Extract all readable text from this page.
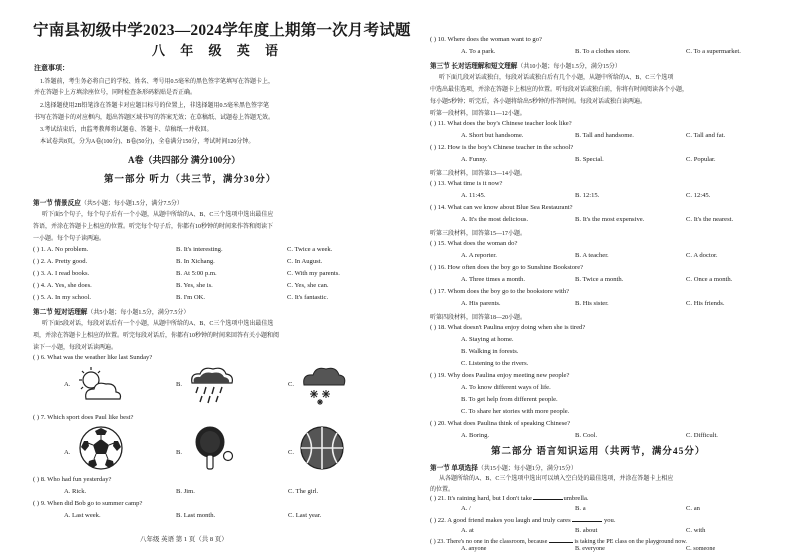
宁南县初级中学2023—2024学年度上期第一次月考试题
八 年 级 英 语
注意事项：
1.答题前，考生务必将自己的学校、姓名、考号用0.5毫米的黑色签字笔填写在答题卡上，
并在答题卡上方填涂座位号，同时检查条形码粘贴是否正确。
2.选择题使用2B铅笔涂在答题卡对应题目标号的位置上，非选择题用0.5毫米黑色签字笔
书写在答题卡的对应框内，超出答题区域书写的答案无效；在草稿纸、试题卷上答题无效。
3.考试结束后，由监考教师将试题卷、答题卡、草稿纸一并收回。
本试卷共8页，分为A卷(100分)、B卷(50分)，全卷满分150分，考试时间120分钟。
A卷（共四部分 满分100分）
第一部分 听力（共三节，满分30分）
第一节 情景反应（共5小题；每小题1.5分，满分7.5分）
听下面5个句子，每个句子后有一个小题，从题中所给的A、B、C三个选项中选出最佳应
答语，并涂在答题卡上相应的位置。听完每个句子后，你都有10秒钟的时间来作答和阅读下
一小题。每个句子读两遍。
( ) 1. A. No problem.	B. It's interesting.	C. Twice a week.
( ) 2. A. Pretty good.	B. In Xichang.	C. In August.
( ) 3. A. I read books.	B. At 5:00 p.m.	C. With my parents.
( ) 4. A. Yes, she does.	B. Yes, she is.	C. Yes, she can.
( ) 5. A. In my school.	B. I'm OK.	C. It's fantastic.
第二节 短对话理解（共5小题；每小题1.5分，满分7.5分）
听下面5段对话，每段对话后有一个小题，从题中所给的A、B、C三个选项中选出最佳选
项，并涂在答题卡上相应的位置。听完每段对话后，你都有10秒钟的时间来回答有关小题和阅
读下一小题，每段对话读两遍。
( ) 6. What was the weather like last Sunday?
A.	B.	C.
( ) 7. Which sport does Paul like best?
A.	B.	C.
( ) 8. Who had fun yesterday?
A. Rick.	B. Jim.	C. The girl.
( ) 9. When did Bob go to summer camp?
A. Last week.	B. Last month.	C. Last year.
八年级 英语 第 1 页（共 8 页）
( ) 10. Where does the woman want to go?
A. To a park.	B. To a clothes store.	C. To a supermarket.
第三节 长对话理解和短文理解（共10小题；每小题1.5分，满分15分）
听下面几段对话或独白，每段对话或独白后有几个小题，从题中所给的A、B、C三个选项
中选出最佳选项，并涂在答题卡上相应的位置。听每段对话或独白前，你将有时间阅读各个小题，
每小题5秒钟；听完后，各小题将给出5秒钟的作答时间。每段对话或独白读两遍。
听第一段材料，回答第11—12小题。
( ) 11. What does the boy's Chinese teacher look like?
A. Short but handsome.	B. Tall and handsome.	C. Tall and fat.
( ) 12. How is the boy's Chinese teacher in the school?
A. Funny.	B. Special.	C. Popular.
听第二段材料，回答第13—14小题。
( ) 13. What time is it now?
A. 11:45.	B. 12:15.	C. 12:45.
( ) 14. What can we know about Blue Sea Restaurant?
A. It's the most delicious.	B. It's the most expensive.	C. It's the nearest.
听第三段材料，回答第15—17小题。
( ) 15. What does the woman do?
A. A reporter.	B. A teacher.	C. A doctor.
( ) 16. How often does the boy go to Sunshine Bookstore?
A. Three times a month.	B. Twice a month.	C. Once a month.
( ) 17. Whom does the boy go to the bookstore with?
A. His parents.	B. His sister.	C. His friends.
听第四段材料，回答第18—20小题。
( ) 18. What doesn't Paulina enjoy doing when she is tired?
A. Staying at home.
B. Walking in forests.
C. Listening to the rivers.
( ) 19. Why does Paulina enjoy meeting new people?
A. To know different ways of life.
B. To get help from different people.
C. To share her stories with more people.
( ) 20. What does Paulina think of speaking Chinese?
A. Boring.	B. Cool.	C. Difficult.
第二部分 语言知识运用（共两节，满分45分）
第一节 单项选择（共15小题；每小题1分，满分15分）
从各题所给的A、B、C三个选项中选出可以填入空白处的最佳选项，并涂在答题卡上相应
的位置。
( ) 21. It's raining hard, but I don't take	umbrella.
A. /	B. a	C. an
( ) 22. A good friend makes you laugh and truly cares	you.
A. at	B. about	C. with
( ) 23. There's no one in the classroom, because	is taking the PE class on the playground now.
A. anyone	B. everyone	C. someone
